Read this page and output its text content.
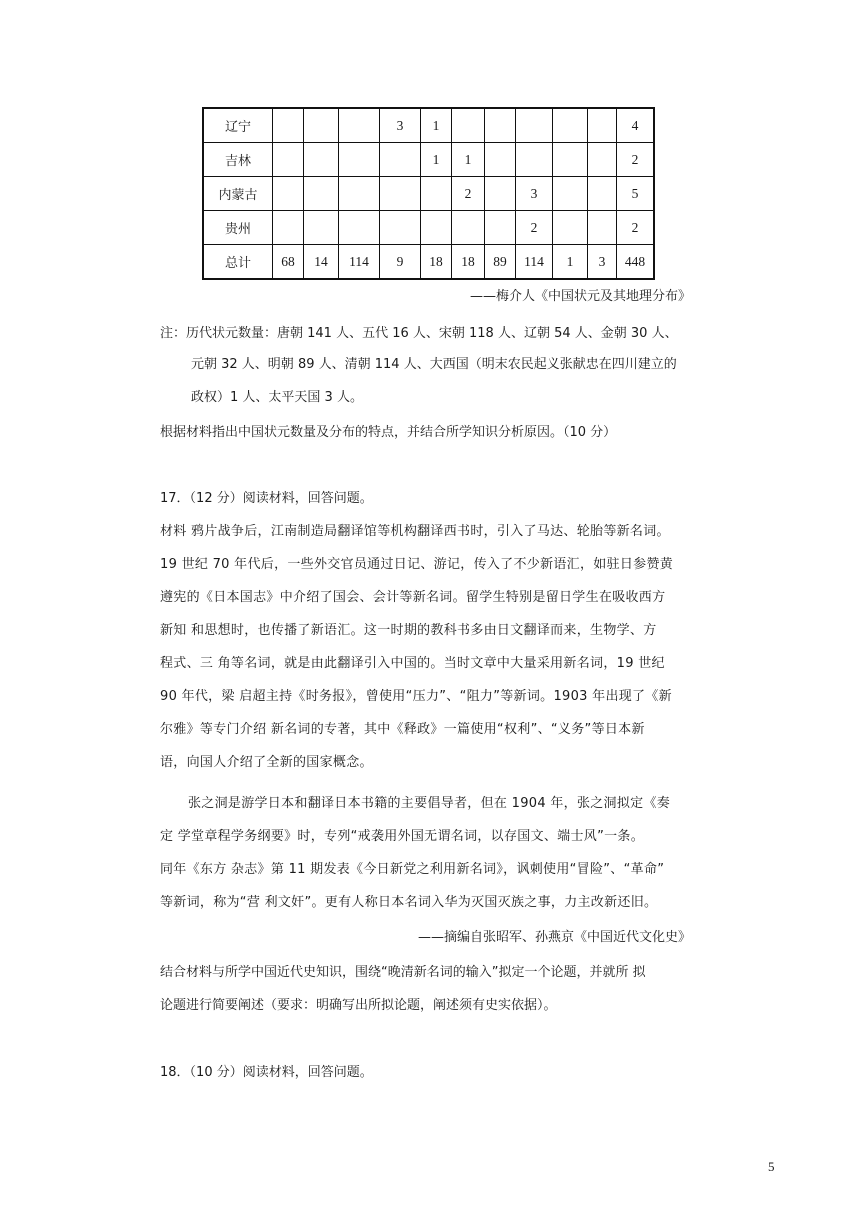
辽宁				3	1						4
吉林					1	1					2
内蒙古						2		3			5
贵州								2			2
总计	68	14	114	9	18	18	89	114	1	3	448
——梅介人《中国状元及其地理分布》
注：历代状元数量：唐朝 141 人、五代 16 人、宋朝 118 人、辽朝 54 人、金朝 30 人、
元朝 32 人、明朝 89 人、清朝 114 人、大西国（明末农民起义张献忠在四川建立的
政权）1 人、太平天国 3 人。
根据材料指出中国状元数量及分布的特点，并结合所学知识分析原因。（10 分）
17．（12 分）阅读材料，回答问题。
材料 鸦片战争后，江南制造局翻译馆等机构翻译西书时，引入了马达、轮胎等新名词。
19 世纪 70 年代后，一些外交官员通过日记、游记，传入了不少新语汇，如驻日参赞黄
遵宪的《日本国志》中介绍了国会、会计等新名词。留学生特别是留日学生在吸收西方
新知 和思想时，也传播了新语汇。这一时期的教科书多由日文翻译而来，生物学、方
程式、三 角等名词，就是由此翻译引入中国的。当时文章中大量采用新名词，19 世纪
90 年代，梁 启超主持《时务报》，曾使用“压力”、“阻力”等新词。1903 年出现了《新
尔雅》等专门介绍 新名词的专著，其中《释政》一篇使用“权利”、“义务”等日本新
语，向国人介绍了全新的国家概念。
张之洞是游学日本和翻译日本书籍的主要倡导者，但在 1904 年，张之洞拟定《奏
定 学堂章程学务纲要》时，专列“戒袭用外国无谓名词，以存国文、端士风”一条。
同年《东方 杂志》第 11 期发表《今日新党之利用新名词》，讽刺使用“冒险”、“革命”
等新词，称为“营 利文奸”。更有人称日本名词入华为灭国灭族之事，力主改新还旧。
——摘编自张昭军、孙燕京《中国近代文化史》
结合材料与所学中国近代史知识，围绕“晚清新名词的输入”拟定一个论题，并就所 拟
论题进行简要阐述（要求：明确写出所拟论题，阐述须有史实依据）。
18．（10 分）阅读材料，回答问题。
5
